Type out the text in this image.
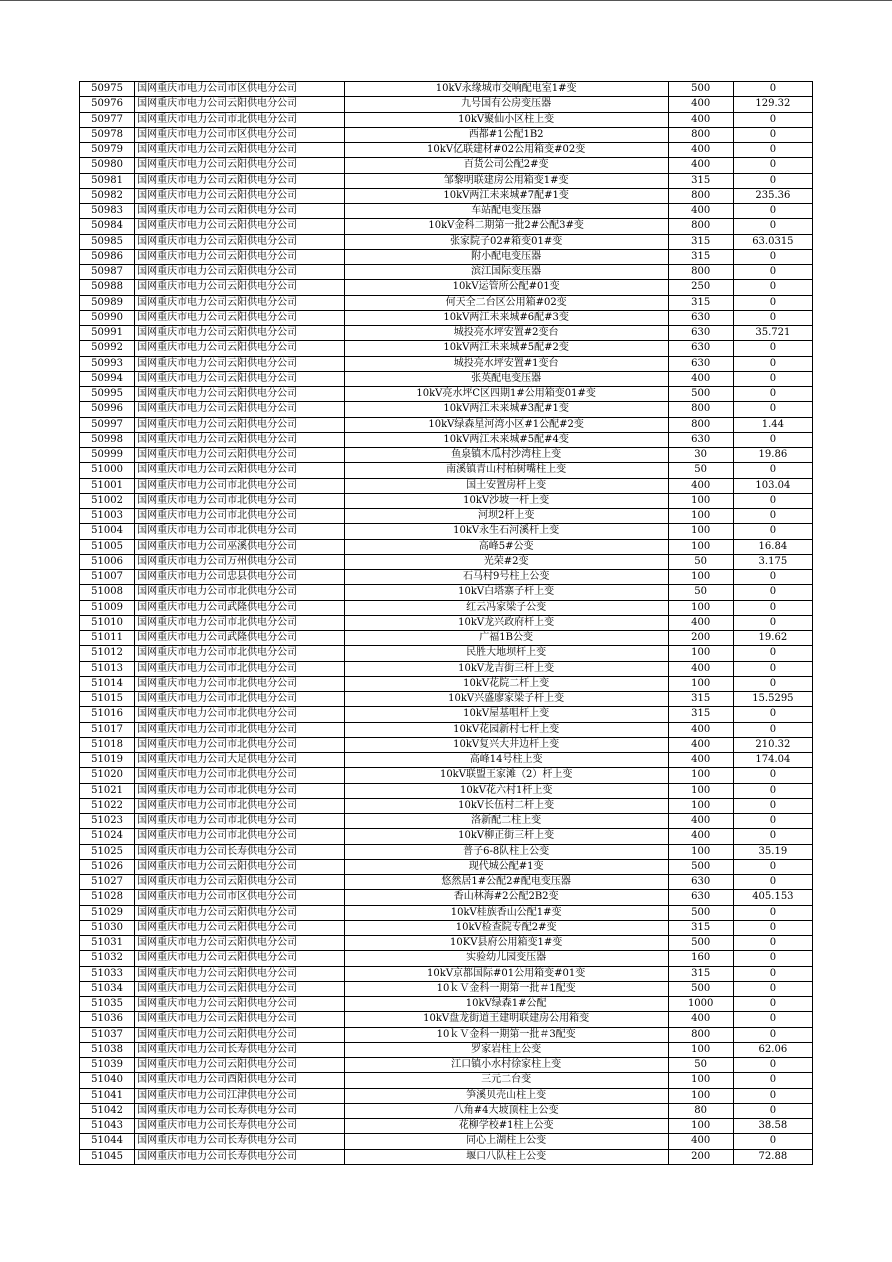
50975	国网重庆市电力公司市区供电分公司	10kV永缘城市交响配电室1#变	500	0
50976	国网重庆市电力公司云阳供电分公司	九号国有公房变压器	400	129.32
50977	国网重庆市电力公司市北供电分公司	10kV聚仙小区柱上变	400	0
50978	国网重庆市电力公司市区供电分公司	西都#1公配1B2	800	0
50979	国网重庆市电力公司云阳供电分公司	10kV亿联建材#02公用箱变#02变	400	0
50980	国网重庆市电力公司云阳供电分公司	百货公司公配2#变	400	0
50981	国网重庆市电力公司云阳供电分公司	邹黎明联建房公用箱变1#变	315	0
50982	国网重庆市电力公司云阳供电分公司	10kV两江未来城#7配#1变	800	235.36
50983	国网重庆市电力公司云阳供电分公司	车站配电变压器	400	0
50984	国网重庆市电力公司云阳供电分公司	10kV金科二期第一批2#公配3#变	800	0
50985	国网重庆市电力公司云阳供电分公司	张家院子02#箱变01#变	315	63.0315
50986	国网重庆市电力公司云阳供电分公司	附小配电变压器	315	0
50987	国网重庆市电力公司云阳供电分公司	滨江国际变压器	800	0
50988	国网重庆市电力公司云阳供电分公司	10kV运管所公配#01变	250	0
50989	国网重庆市电力公司云阳供电分公司	何天全二台区公用箱#02变	315	0
50990	国网重庆市电力公司云阳供电分公司	10kV两江未来城#6配#3变	630	0
50991	国网重庆市电力公司云阳供电分公司	城投亮水坪安置#2变台	630	35.721
50992	国网重庆市电力公司云阳供电分公司	10kV两江未来城#5配#2变	630	0
50993	国网重庆市电力公司云阳供电分公司	城投亮水坪安置#1变台	630	0
50994	国网重庆市电力公司云阳供电分公司	张英配电变压器	400	0
50995	国网重庆市电力公司云阳供电分公司	10kV亮水坪C区四期1#公用箱变01#变	500	0
50996	国网重庆市电力公司云阳供电分公司	10kV两江未来城#3配#1变	800	0
50997	国网重庆市电力公司云阳供电分公司	10kV绿森星河湾小区#1公配#2变	800	1.44
50998	国网重庆市电力公司云阳供电分公司	10kV两江未来城#5配#4变	630	0
50999	国网重庆市电力公司云阳供电分公司	鱼泉镇木瓜村沙湾柱上变	30	19.86
51000	国网重庆市电力公司云阳供电分公司	南溪镇青山村柏树嘴柱上变	50	0
51001	国网重庆市电力公司市北供电分公司	国土安置房杆上变	400	103.04
51002	国网重庆市电力公司市北供电分公司	10kV沙坡一杆上变	100	0
51003	国网重庆市电力公司市北供电分公司	河坝2杆上变	100	0
51004	国网重庆市电力公司市北供电分公司	10kV永生石河溪杆上变	100	0
51005	国网重庆市电力公司巫溪供电分公司	高峰5#公变	100	16.84
51006	国网重庆市电力公司万州供电分公司	光荣#2变	50	3.175
51007	国网重庆市电力公司忠县供电分公司	石马村9号柱上公变	100	0
51008	国网重庆市电力公司市北供电分公司	10kV白塔寨子杆上变	50	0
51009	国网重庆市电力公司武隆供电分公司	红云冯家梁子公变	100	0
51010	国网重庆市电力公司市北供电分公司	10kV龙兴政府杆上变	400	0
51011	国网重庆市电力公司武隆供电分公司	广福1B公变	200	19.62
51012	国网重庆市电力公司市北供电分公司	民胜大地坝杆上变	100	0
51013	国网重庆市电力公司市北供电分公司	10kV龙吉街三杆上变	400	0
51014	国网重庆市电力公司市北供电分公司	10kV花院二杆上变	100	0
51015	国网重庆市电力公司市北供电分公司	10kV兴盛廖家梁子杆上变	315	15.5295
51016	国网重庆市电力公司市北供电分公司	10kV屋基咀杆上变	315	0
51017	国网重庆市电力公司市北供电分公司	10kV花园新村七杆上变	400	0
51018	国网重庆市电力公司市北供电分公司	10kV复兴大井边杆上变	400	210.32
51019	国网重庆市电力公司大足供电分公司	高峰14号柱上变	400	174.04
51020	国网重庆市电力公司市北供电分公司	10kV联盟王家滩（2）杆上变	100	0
51021	国网重庆市电力公司市北供电分公司	10kV花六村1杆上变	100	0
51022	国网重庆市电力公司市北供电分公司	10kV长伍村二杆上变	100	0
51023	国网重庆市电力公司市北供电分公司	洛新配二柱上变	400	0
51024	国网重庆市电力公司市北供电分公司	10kV柳正街三杆上变	400	0
51025	国网重庆市电力公司长寿供电分公司	普子6-8队柱上公变	100	35.19
51026	国网重庆市电力公司云阳供电分公司	现代城公配#1变	500	0
51027	国网重庆市电力公司云阳供电分公司	悠然居1#公配2#配电变压器	630	0
51028	国网重庆市电力公司市区供电分公司	香山林海#2公配2B2变	630	405.153
51029	国网重庆市电力公司云阳供电分公司	10kV桂族香山公配1#变	500	0
51030	国网重庆市电力公司云阳供电分公司	10kV检查院专配2#变	315	0
51031	国网重庆市电力公司云阳供电分公司	10KV县府公用箱变1#变	500	0
51032	国网重庆市电力公司云阳供电分公司	实验幼儿园变压器	160	0
51033	国网重庆市电力公司云阳供电分公司	10kV京都国际#01公用箱变#01变	315	0
51034	国网重庆市电力公司云阳供电分公司	10ｋＶ金科一期第一批＃1配变	500	0
51035	国网重庆市电力公司云阳供电分公司	10kV绿森1#公配	1000	0
51036	国网重庆市电力公司云阳供电分公司	10kV盘龙街道王建明联建房公用箱变	400	0
51037	国网重庆市电力公司云阳供电分公司	10ｋＶ金科一期第一批＃3配变	800	0
51038	国网重庆市电力公司长寿供电分公司	罗家岩柱上公变	100	62.06
51039	国网重庆市电力公司云阳供电分公司	江口镇小水村徐家柱上变	50	0
51040	国网重庆市电力公司酉阳供电分公司	三元二台变	100	0
51041	国网重庆市电力公司江津供电分公司	笋溪贝壳山柱上变	100	0
51042	国网重庆市电力公司长寿供电分公司	八角#4大坡顶柱上公变	80	0
51043	国网重庆市电力公司长寿供电分公司	花柳学校#1柱上公变	100	38.58
51044	国网重庆市电力公司长寿供电分公司	同心上湖柱上公变	400	0
51045	国网重庆市电力公司长寿供电分公司	堰口八队柱上公变	200	72.88
